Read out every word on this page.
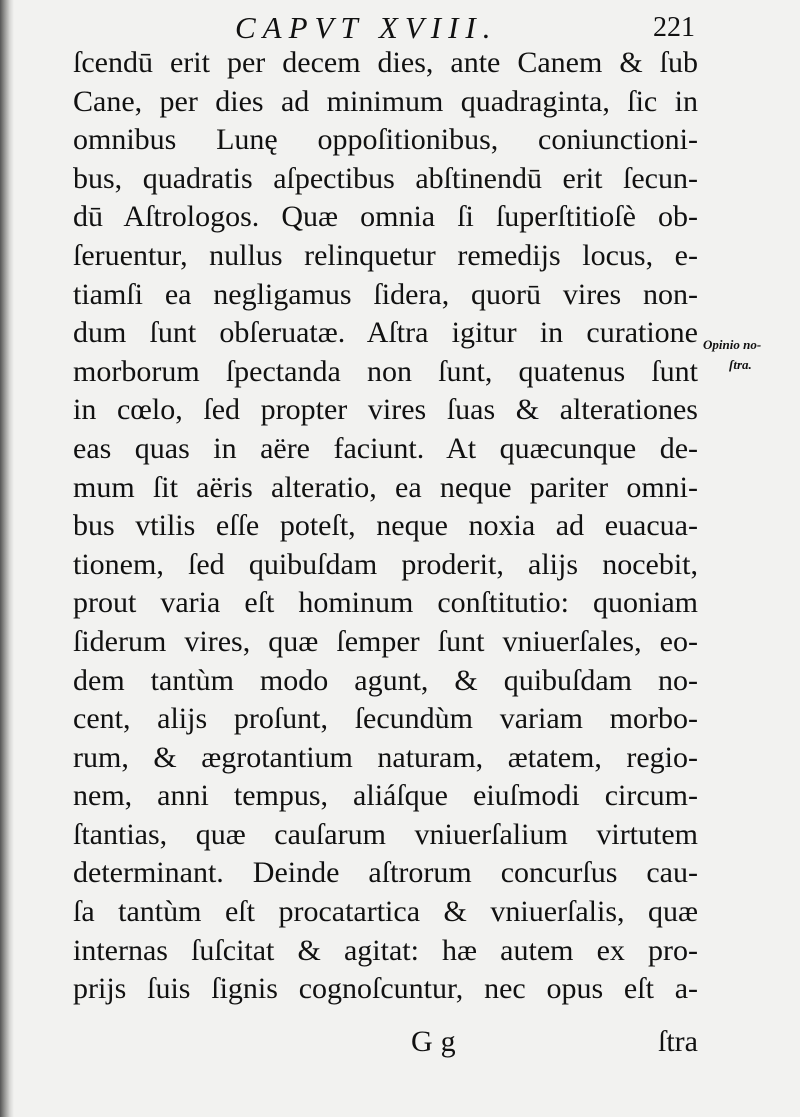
CAPVT XVIII.	221
ſcendū erit per decem dies, ante Canem & ſub
Cane, per dies ad minimum quadraginta, ſic in
omnibus Lunę oppoſitionibus, coniunctioni-
bus, quadratis aſpectibus abſtinendū erit ſecun-
dū Aſtrologos. Quæ omnia ſi ſuperſtitioſè ob-
ſeruentur, nullus relinquetur remedijs locus, e-
tiamſi ea negligamus ſidera, quorū vires non-
dum ſunt obſeruatæ. Aſtra igitur in curatione
morborum ſpectanda non ſunt, quatenus ſunt
in cœlo, ſed propter vires ſuas & alterationes
eas quas in aëre faciunt. At quæcunque de-
mum ſit aëris alteratio, ea neque pariter omni-
bus vtilis eſſe poteſt, neque noxia ad euacua-
tionem, ſed quibuſdam proderit, alijs nocebit,
prout varia eſt hominum conſtitutio: quoniam
ſiderum vires, quæ ſemper ſunt vniuerſales, eo-
dem tantùm modo agunt, & quibuſdam no-
cent, alijs proſunt, ſecundùm variam morbo-
rum, & ægrotantium naturam, ætatem, regio-
nem, anni tempus, aliáſque eiuſmodi circum-
ſtantias, quæ cauſarum vniuerſalium virtutem
determinant. Deinde aſtrorum concurſus cau-
ſa tantùm eſt procatartica & vniuerſalis, quæ
internas ſuſcitat & agitat: hæ autem ex pro-
prijs ſuis ſignis cognoſcuntur, nec opus eſt a-
Opinio no-
ſtra.
Gg	ſtra
